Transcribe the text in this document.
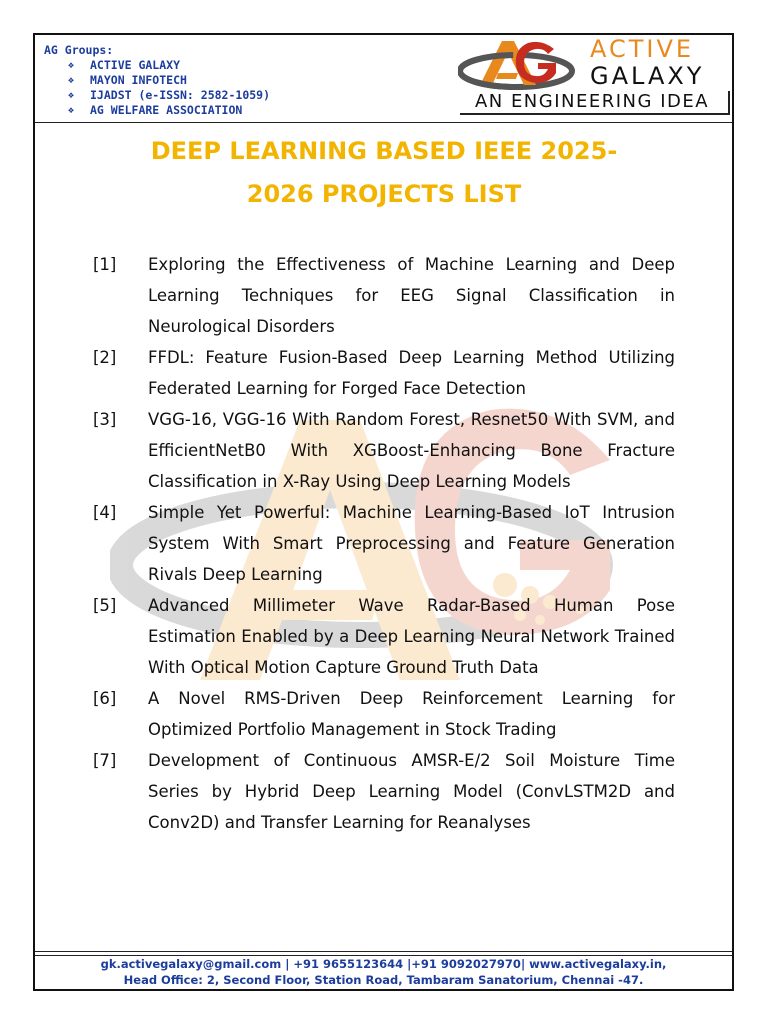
AG Groups:
❖	ACTIVE GALAXY
❖	MAYON INFOTECH
❖	IJADST (e-ISSN: 2582-1059)
❖	AG WELFARE ASSOCIATION
ACTIVE
GALAXY
AN ENGINEERING IDEA
DEEP LEARNING BASED IEEE 2025-
2026 PROJECTS LIST
[1]	Exploring the Effectiveness of Machine Learning and Deep Learning Techniques for EEG Signal Classification in Neurological Disorders
[2]	FFDL: Feature Fusion-Based Deep Learning Method Utilizing Federated Learning for Forged Face Detection
[3]	VGG-16, VGG-16 With Random Forest, Resnet50 With SVM, and EfficientNetB0 With XGBoost-Enhancing Bone Fracture Classification in X-Ray Using Deep Learning Models
[4]	Simple Yet Powerful: Machine Learning-Based IoT Intrusion System With Smart Preprocessing and Feature Generation Rivals Deep Learning
[5]	Advanced Millimeter Wave Radar-Based Human Pose Estimation Enabled by a Deep Learning Neural Network Trained With Optical Motion Capture Ground Truth Data
[6]	A Novel RMS-Driven Deep Reinforcement Learning for Optimized Portfolio Management in Stock Trading
[7]	Development of Continuous AMSR-E/2 Soil Moisture Time Series by Hybrid Deep Learning Model (ConvLSTM2D and Conv2D) and Transfer Learning for Reanalyses
gk.activegalaxy@gmail.com | +91 9655123644 |+91 9092027970| www.activegalaxy.in,
Head Office: 2, Second Floor, Station Road, Tambaram Sanatorium, Chennai -47.
